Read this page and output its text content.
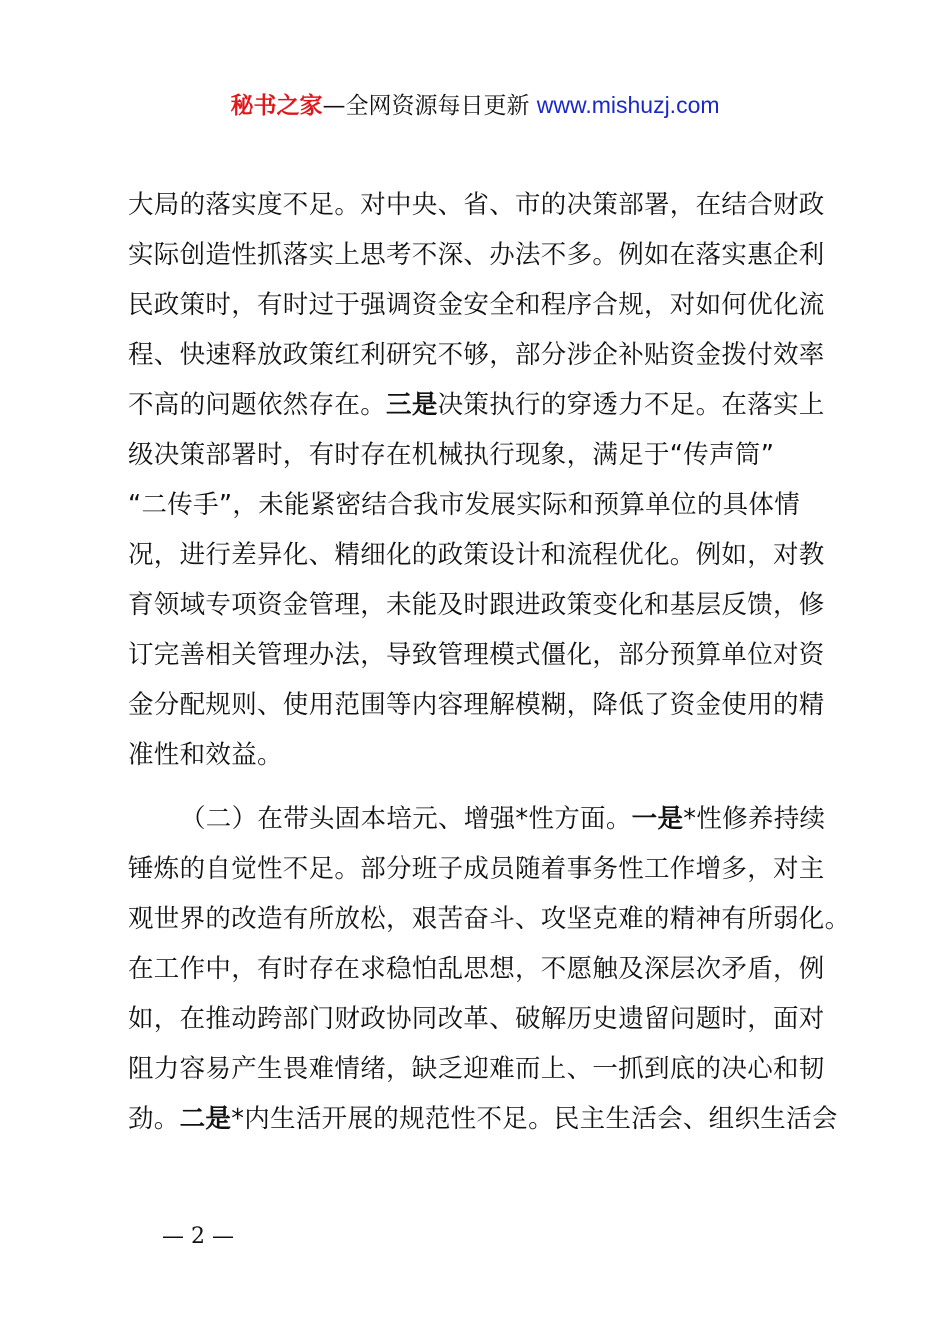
秘书之家—全网资源每日更新 www.mishuzj.com
大局的落实度不足。对中央、省、市的决策部署，在结合财政
实际创造性抓落实上思考不深、办法不多。例如在落实惠企利
民政策时，有时过于强调资金安全和程序合规，对如何优化流
程、快速释放政策红利研究不够，部分涉企补贴资金拨付效率
不高的问题依然存在。三是决策执行的穿透力不足。在落实上
级决策部署时，有时存在机械执行现象，满足于“传声筒”
“二传手”，未能紧密结合我市发展实际和预算单位的具体情
况，进行差异化、精细化的政策设计和流程优化。例如，对教
育领域专项资金管理，未能及时跟进政策变化和基层反馈，修
订完善相关管理办法，导致管理模式僵化，部分预算单位对资
金分配规则、使用范围等内容理解模糊，降低了资金使用的精
准性和效益。
（二）在带头固本培元、增强*性方面。一是*性修养持续
锤炼的自觉性不足。部分班子成员随着事务性工作增多，对主
观世界的改造有所放松，艰苦奋斗、攻坚克难的精神有所弱化。
在工作中，有时存在求稳怕乱思想，不愿触及深层次矛盾，例
如，在推动跨部门财政协同改革、破解历史遗留问题时，面对
阻力容易产生畏难情绪，缺乏迎难而上、一抓到底的决心和韧
劲。二是*内生活开展的规范性不足。民主生活会、组织生活会
— 2 —
